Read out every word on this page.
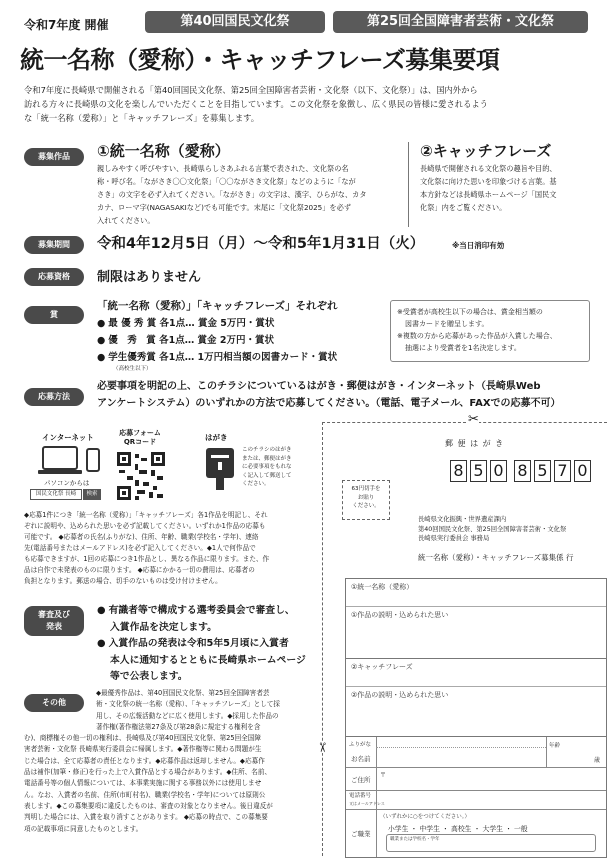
令和7年度 開催	第40回国民文化祭	第25回全国障害者芸術・文化祭
統一名称（愛称）・キャッチフレーズ募集要項
令和7年度に長崎県で開催される「第40回国民文化祭、第25回全国障害者芸術・文化祭（以下、文化祭）」は、国内外から
訪れる方々に長崎県の文化を楽しんでいただくことを目指しています。この文化祭を象徴し、広く県民の皆様に愛されるよう
な「統一名称（愛称）」と「キャッチフレーズ」を募集します。
募集作品	①統一名称（愛称）
親しみやすく呼びやすい、長崎県らしさあふれる言葉で表された、文化祭の名
称・呼び名。「ながさき〇〇文化祭」「〇〇ながさき文化祭」などのように「なが
さき」の文字を必ず入れてください。「ながさき」の文字は、漢字、ひらがな、カタ
カナ、ローマ字(NAGASAKIなど)でも可能です。末尾に「文化祭2025」を必ず
入れてください。
②キャッチフレーズ
長崎県で開催される文化祭の趣旨や目的、
文化祭に向けた思いを印象づける言葉。基
本方針などは長崎県ホームページ「国民文
化祭」内をご覧ください。
募集期間	令和4年12月5日（月）〜令和5年1月31日（火）	※当日消印有効
応募資格	制限はありません
賞
「統一名称（愛称）」「キャッチフレーズ」それぞれ
● 最 優 秀 賞 各1点… 賞金 5万円・賞状
● 優　秀　賞 各1点… 賞金 2万円・賞状
● 学生優秀賞 各1点… 1万円相当額の図書カード・賞状
（高校生以下）
※受賞者が高校生以下の場合は、賞金相当額の
図書カードを贈呈します。
※複数の方から応募があった作品が入賞した場合、
抽選により受賞者を1名決定します。
応募方法
必要事項を明記の上、このチラシについているはがき・郵便はがき・インターネット（長崎県Web
アンケートシステム）のいずれかの方法で応募してください。（電話、電子メール、FAXでの応募不可）
インターネット
パソコンからは
国民文化祭 長崎	検索
応募フォーム
QRコード	はがき
このチラシのはがき
または、郵便はがき
に必要事項をもれな
く記入して郵送して
ください。
◆応募1件につき「統一名称（愛称）」「キャッチフレーズ」各1作品を明記し、それ
ぞれに説明や、込められた思いを必ず記載してください。いずれか1作品の応募も
可能です。 ◆応募者の氏名(ふりがな)、住所、年齢、職業(学校名・学年)、連絡
先(電話番号またはメールアドレス)を必ず記入してください。◆1人で何作品で
も応募できますが、1回の応募につき1作品とし、異なる作品に限ります。また、作
品は自作で未発表のものに限ります。 ◆応募にかかる一切の費用は、応募者の
負担となります。郵送の場合、切手のないものは受け付けません。
審査及び
発表
● 有識者等で構成する選考委員会で審査し、
入賞作品を決定します。
● 入賞作品の発表は令和5年5月頃に入賞者
本人に通知するとともに長崎県ホームページ
等で公表します。
その他
◆最優秀作品は、第40回国民文化祭、第25回全国障害者芸
術・文化祭の統一名称（愛称）、「キャッチフレーズ」として採
用し、その広報活動などに広く使用します。◆採用した作品の
著作権(著作権法第27条及び第28条に規定する権利を含
む)、商標権その他一切の権利は、長崎県及び第40回国民文化祭、第25回全国障
害者芸術・文化祭 長崎県実行委員会に帰属します。◆著作権等に関わる問題が生
じた場合は、全て応募者の責任となります。◆応募作品は返却しません。◆応募作
品は補作(加筆・修正)を行った上で入賞作品とする場合があります。◆住所、名前、
電話番号等の個人情報については、本事業実施に関する事務以外には使用しませ
ん。なお、入賞者の名前、住所(市町村名)、職業(学校名・学年)については原則公
表します。◆この募集要項に違反したものは、審査の対象となりません。後日違反が
判明した場合には、入賞を取り消すことがあります。 ◆応募の時点で、この募集要
項の記載事項に同意したものとします。
✂
✂
郵 便 は が き
63円切手を
お貼り
ください。
8 5 0 8 5 7 0
長崎県文化振興・世界遺産課内
第40回国民文化祭、第25回全国障害者芸術・文化祭
長崎県実行委員会 事務局
統一名称（愛称）・キャッチフレーズ募集係 行
①統一名称（愛称）
①作品の説明・込められた思い
②キャッチフレーズ
②作品の説明・込められた思い
ふりがな
お名前
年齢
歳
ご住所
〒
電話番号
又はメールアドレス
ご職業
（いずれかに○をつけてください。）
小学生 ・ 中学生 ・ 高校生 ・ 大学生 ・ 一般
職業または学校名・学年
